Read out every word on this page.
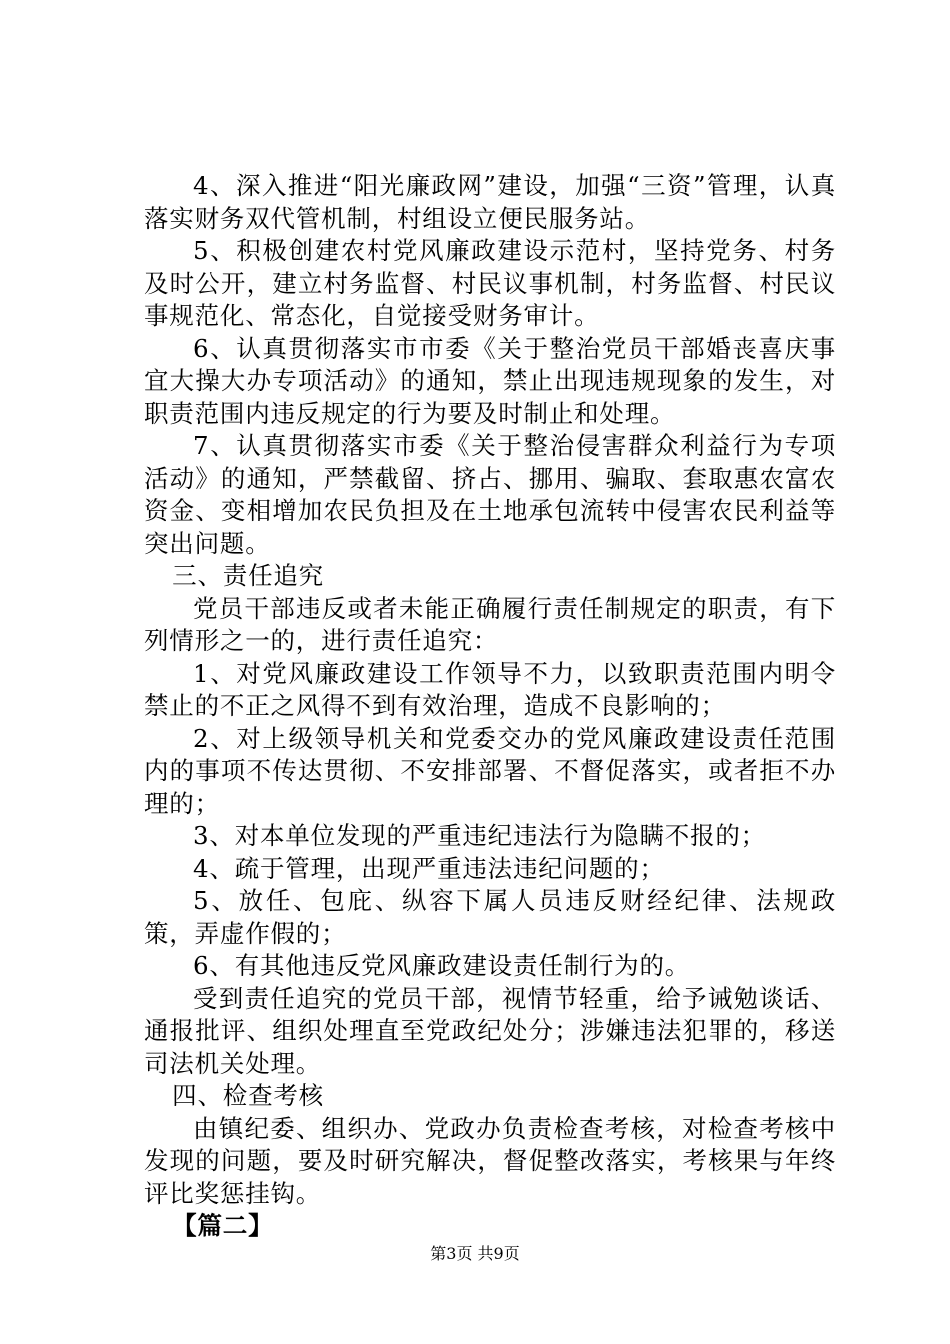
4、深入推进“阳光廉政网”建设，加强“三资”管理，认真落实财务双代管机制，村组设立便民服务站。

5、积极创建农村党风廉政建设示范村，坚持党务、村务及时公开，建立村务监督、村民议事机制，村务监督、村民议事规范化、常态化，自觉接受财务审计。

6、认真贯彻落实市市委《关于整治党员干部婚丧喜庆事宜大操大办专项活动》的通知，禁止出现违规现象的发生，对职责范围内违反规定的行为要及时制止和处理。

7、认真贯彻落实市委《关于整治侵害群众利益行为专项活动》的通知，严禁截留、挤占、挪用、骗取、套取惠农富农资金、变相增加农民负担及在土地承包流转中侵害农民利益等突出问题。

三、责任追究

党员干部违反或者未能正确履行责任制规定的职责，有下列情形之一的，进行责任追究：

1、对党风廉政建设工作领导不力，以致职责范围内明令禁止的不正之风得不到有效治理，造成不良影响的；

2、对上级领导机关和党委交办的党风廉政建设责任范围内的事项不传达贯彻、不安排部署、不督促落实，或者拒不办理的；

3、对本单位发现的严重违纪违法行为隐瞒不报的；

4、疏于管理，出现严重违法违纪问题的；

5、放任、包庇、纵容下属人员违反财经纪律、法规政策，弄虚作假的；

6、有其他违反党风廉政建设责任制行为的。

受到责任追究的党员干部，视情节轻重，给予诫勉谈话、通报批评、组织处理直至党政纪处分；涉嫌违法犯罪的，移送司法机关处理。

四、检查考核

由镇纪委、组织办、党政办负责检查考核，对检查考核中发现的问题，要及时研究解决，督促整改落实，考核果与年终评比奖惩挂钩。

【篇二】

第3页 共9页
